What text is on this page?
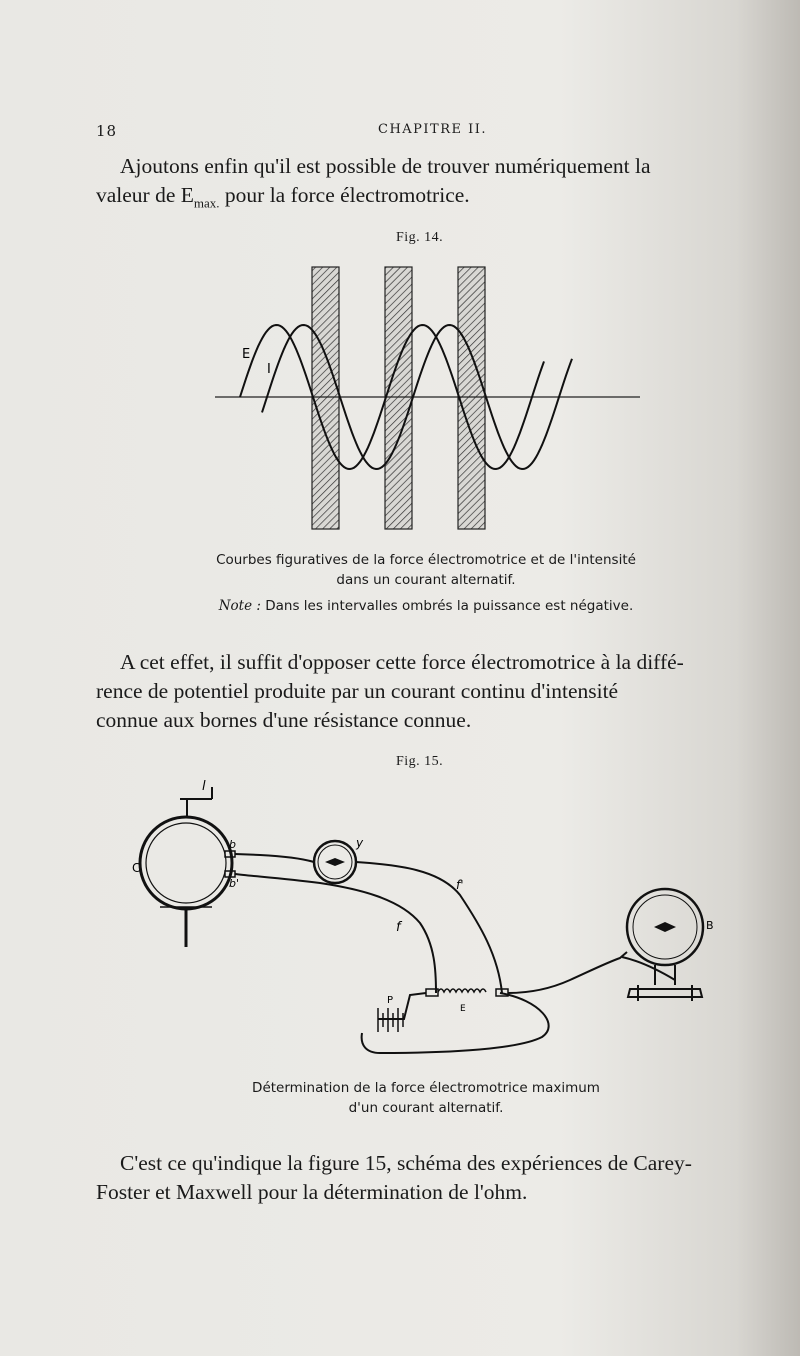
18	CHAPITRE II.

Ajoutons enfin qu'il est possible de trouver numériquement la
valeur de $E_{max.}$ pour la force électromotrice.

Fig. 14.
E
I
Courbes figuratives de la force électromotrice et de l'intensité
dans un courant alternatif.
Note : Dans les intervalles ombrés la puissance est négative.

A cet effet, il suffit d'opposer cette force électromotrice à la diffé-
rence de potentiel produite par un courant continu d'intensité
connue aux bornes d'une résistance connue.

Fig. 15.
l
C
b
b'
y
f'
f
E
P
B
Détermination de la force électromotrice maximum
d'un courant alternatif.

C'est ce qu'indique la figure 15, schéma des expériences de Carey-
Foster et Maxwell pour la détermination de l'ohm.
